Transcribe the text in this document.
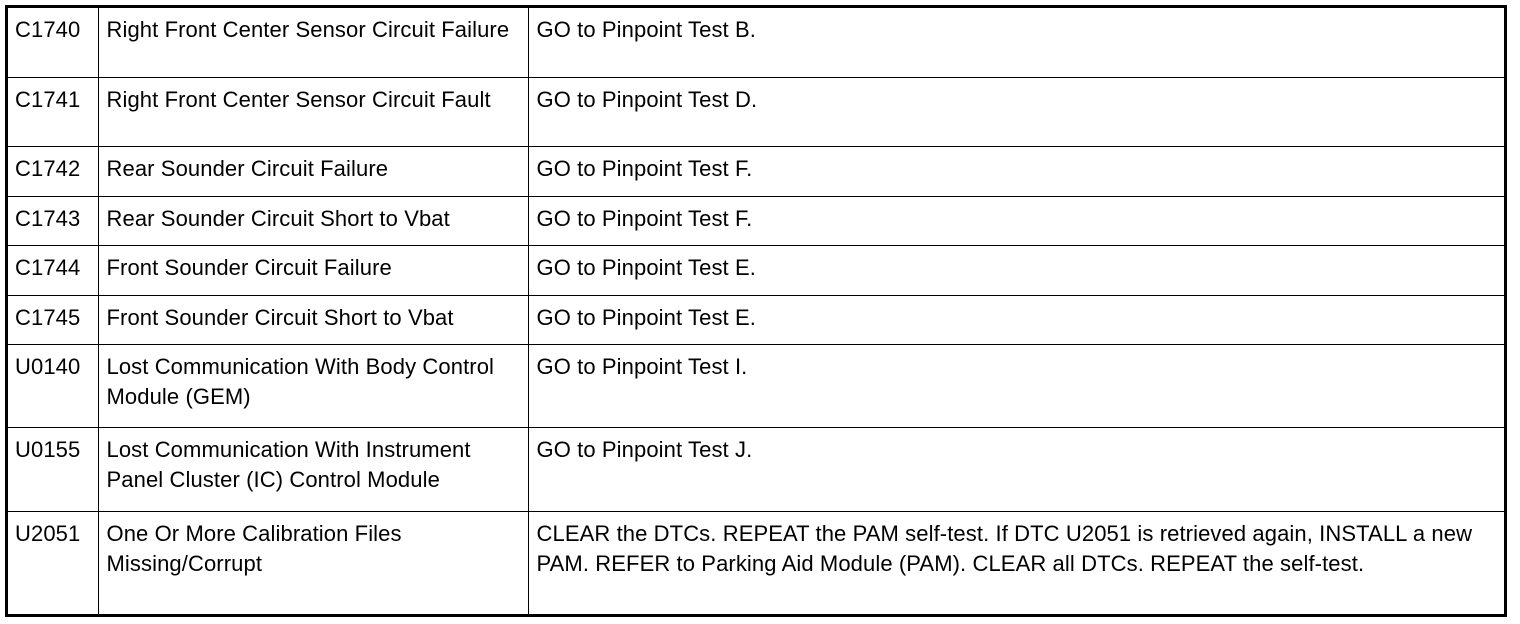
C1740	Right Front Center Sensor Circuit Failure	GO to Pinpoint Test B.
C1741	Right Front Center Sensor Circuit Fault	GO to Pinpoint Test D.
C1742	Rear Sounder Circuit Failure	GO to Pinpoint Test F.
C1743	Rear Sounder Circuit Short to Vbat	GO to Pinpoint Test F.
C1744	Front Sounder Circuit Failure	GO to Pinpoint Test E.
C1745	Front Sounder Circuit Short to Vbat	GO to Pinpoint Test E.
U0140	Lost Communication With Body Control Module (GEM)	GO to Pinpoint Test I.
U0155	Lost Communication With Instrument Panel Cluster (IC) Control Module	GO to Pinpoint Test J.
U2051	One Or More Calibration Files Missing/Corrupt	CLEAR the DTCs. REPEAT the PAM self-test. If DTC U2051 is retrieved again, INSTALL a new PAM. REFER to Parking Aid Module (PAM). CLEAR all DTCs. REPEAT the self-test.
